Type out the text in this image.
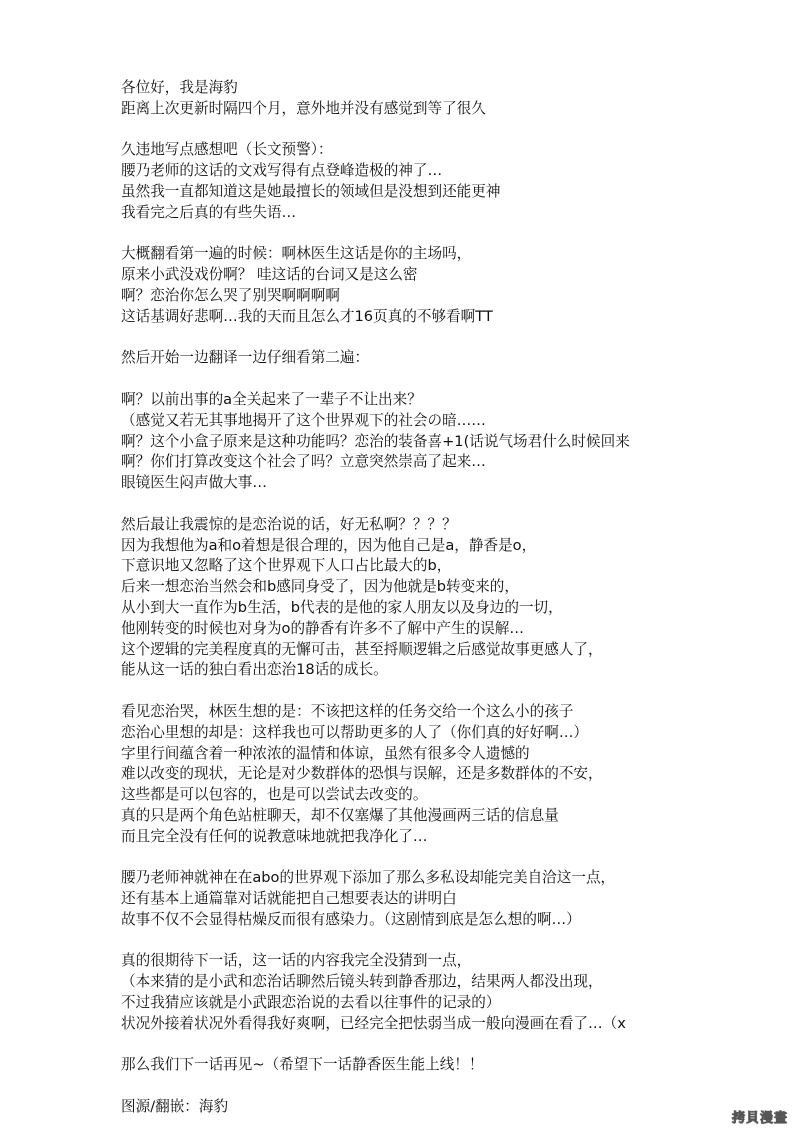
各位好，我是海豹
距离上次更新时隔四个月，意外地并没有感觉到等了很久
久违地写点感想吧（长文预警）：
腰乃老师的这话的文戏写得有点登峰造极的神了…
虽然我一直都知道这是她最擅长的领域但是没想到还能更神
我看完之后真的有些失语…
大概翻看第一遍的时候：啊林医生这话是你的主场吗，
原来小武没戏份啊？ 哇这话的台词又是这么密
啊？恋治你怎么哭了别哭啊啊啊啊
这话基调好悲啊…我的天而且怎么才16页真的不够看啊TT
然后开始一边翻译一边仔细看第二遍：
啊？以前出事的a全关起来了一辈子不让出来？
（感觉又若无其事地揭开了这个世界观下的社会の暗……
啊？这个小盒子原来是这种功能吗？恋治的装备喜+1(话说气场君什么时候回来
啊？你们打算改变这个社会了吗？立意突然崇高了起来…
眼镜医生闷声做大事…
然后最让我震惊的是恋治说的话，好无私啊？？？？
因为我想他为a和o着想是很合理的，因为他自己是a，静香是o，
下意识地又忽略了这个世界观下人口占比最大的b，
后来一想恋治当然会和b感同身受了，因为他就是b转变来的，
从小到大一直作为b生活，b代表的是他的家人朋友以及身边的一切，
他刚转变的时候也对身为o的静香有许多不了解中产生的误解…
这个逻辑的完美程度真的无懈可击，甚至捋顺逻辑之后感觉故事更感人了，
能从这一话的独白看出恋治18话的成长。
看见恋治哭，林医生想的是：不该把这样的任务交给一个这么小的孩子
恋治心里想的却是：这样我也可以帮助更多的人了（你们真的好好啊…）
字里行间蕴含着一种浓浓的温情和体谅，虽然有很多令人遗憾的
难以改变的现状，无论是对少数群体的恐惧与误解，还是多数群体的不安，
这些都是可以包容的，也是可以尝试去改变的。
真的只是两个角色站桩聊天，却不仅塞爆了其他漫画两三话的信息量
而且完全没有任何的说教意味地就把我净化了…
腰乃老师神就神在在abo的世界观下添加了那么多私设却能完美自洽这一点，
还有基本上通篇靠对话就能把自己想要表达的讲明白
故事不仅不会显得枯燥反而很有感染力。（这剧情到底是怎么想的啊…）
真的很期待下一话，这一话的内容我完全没猜到一点，
（本来猜的是小武和恋治话聊然后镜头转到静香那边，结果两人都没出现，
不过我猜应该就是小武跟恋治说的去看以往事件的记录的）
状况外接着状况外看得我好爽啊，已经完全把怯弱当成一般向漫画在看了…（x
那么我们下一话再见~（希望下一话静香医生能上线！！
图源/翻嵌：海豹
拷貝漫畫
